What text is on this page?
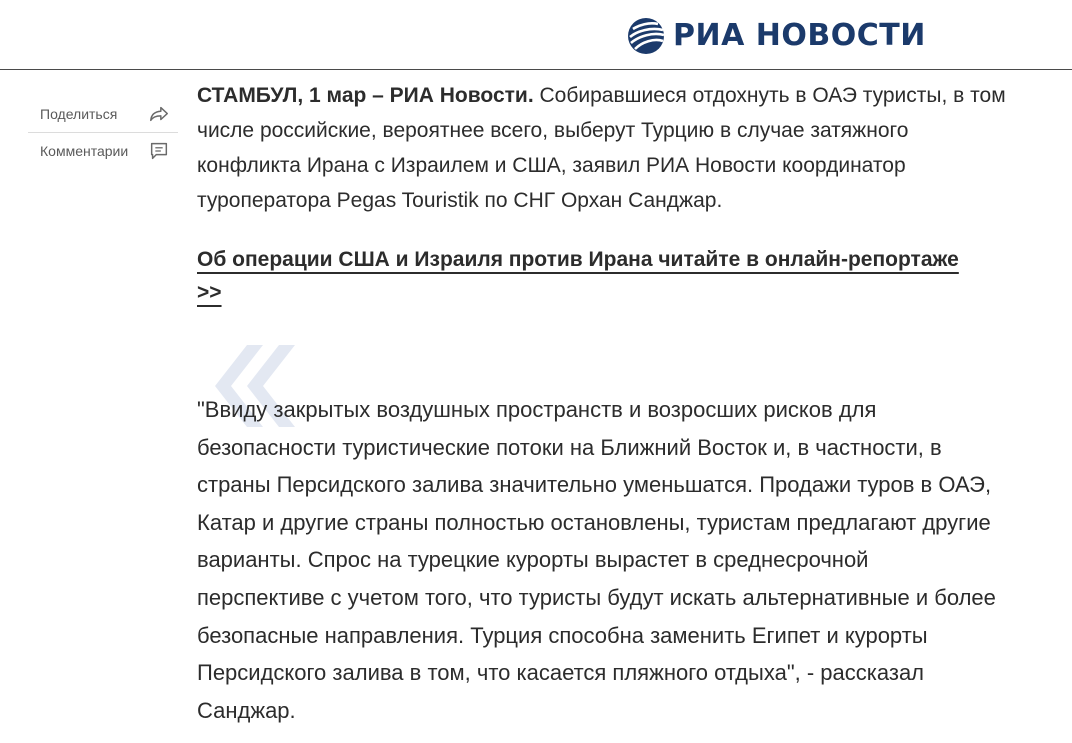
РИА НОВОСТИ
Поделиться
Комментарии

СТАМБУЛ, 1 мар – РИА Новости. Собиравшиеся отдохнуть в ОАЭ туристы, в том числе российские, вероятнее всего, выберут Турцию в случае затяжного конфликта Ирана с Израилем и США, заявил РИА Новости координатор туроператора Pegas Touristik по СНГ Орхан Санджар.

Об операции США и Израиля против Ирана читайте в онлайн-репортаже >>

"Ввиду закрытых воздушных пространств и возросших рисков для безопасности туристические потоки на Ближний Восток и, в частности, в страны Персидского залива значительно уменьшатся. Продажи туров в ОАЭ, Катар и другие страны полностью остановлены, туристам предлагают другие варианты. Спрос на турецкие курорты вырастет в среднесрочной перспективе с учетом того, что туристы будут искать альтернативные и более безопасные направления. Турция способна заменить Египет и курорты Персидского залива в том, что касается пляжного отдыха", - рассказал Санджар.
